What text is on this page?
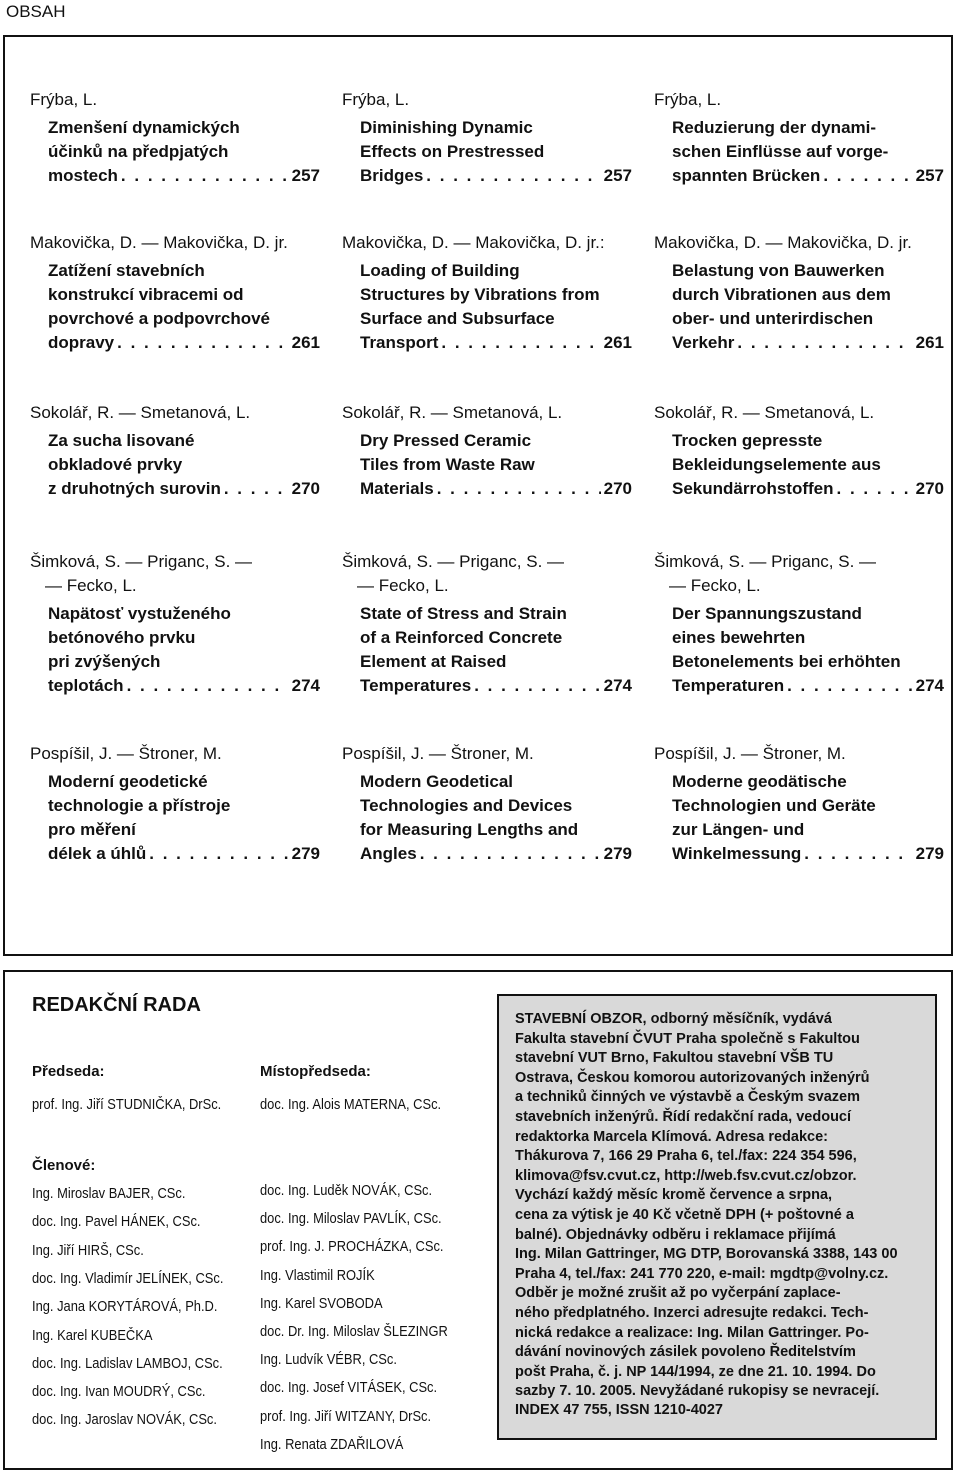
OBSAH
Frýba, L.
Zmenšení dynamických
účinků na předpjatých
mostech . . .	257
Frýba, L.
Diminishing Dynamic
Effects on Prestressed
Bridges . . .	257
Frýba, L.
Reduzierung der dynami-
schen Einflüsse auf vorge-
spannten Brücken . . .	257
Makovička, D. — Makovička, D. jr.
Zatížení stavebních
konstrukcí vibracemi od
povrchové a podpovrchové
dopravy . . .	261
Makovička, D. — Makovička, D. jr.:
Loading of Building
Structures by Vibrations from
Surface and Subsurface
Transport . . .	261
Makovička, D. — Makovička, D. jr.
Belastung von Bauwerken
durch Vibrationen aus dem
ober- und unterirdischen
Verkehr . . .	261
Sokolář, R. — Smetanová, L.
Za sucha lisované
obkladové prvky
z druhotných surovin . . .	270
Sokolář, R. — Smetanová, L.
Dry Pressed Ceramic
Tiles from Waste Raw
Materials . . .	270
Sokolář, R. — Smetanová, L.
Trocken gepresste
Bekleidungselemente aus
Sekundärrohstoffen . . .	270
Šimková, S. — Priganc, S. —
— Fecko, L.
Napätosť vystuženého
betónového prvku
pri zvýšených
teplotách . . .	274
Šimková, S. — Priganc, S. —
— Fecko, L.
State of Stress and Strain
of a Reinforced Concrete
Element at Raised
Temperatures . . .	274
Šimková, S. — Priganc, S. —
— Fecko, L.
Der Spannungszustand
eines bewehrten
Betonelements bei erhöhten
Temperaturen . . .	274
Pospíšil, J. — Štroner, M.
Moderní geodetické
technologie a přístroje
pro měření
délek a úhlů . . .	279
Pospíšil, J. — Štroner, M.
Modern Geodetical
Technologies and Devices
for Measuring Lengths and
Angles . . .	279
Pospíšil, J. — Štroner, M.
Moderne geodätische
Technologien und Geräte
zur Längen- und
Winkelmessung . . .	279
REDAKČNÍ RADA
Předseda:
prof. Ing. Jiří STUDNIČKA, DrSc.
Místopředseda:
doc. Ing. Alois MATERNA, CSc.
Členové:
Ing. Miroslav BAJER, CSc.
doc. Ing. Pavel HÁNEK, CSc.
Ing. Jiří HIRŠ, CSc.
doc. Ing. Vladimír JELÍNEK, CSc.
Ing. Jana KORYTÁROVÁ, Ph.D.
Ing. Karel KUBEČKA
doc. Ing. Ladislav LAMBOJ, CSc.
doc. Ing. Ivan MOUDRÝ, CSc.
doc. Ing. Jaroslav NOVÁK, CSc.
doc. Ing. Luděk NOVÁK, CSc.
doc. Ing. Miloslav PAVLÍK, CSc.
prof. Ing. J. PROCHÁZKA, CSc.
Ing. Vlastimil ROJÍK
Ing. Karel SVOBODA
doc. Dr. Ing. Miloslav ŠLEZINGR
Ing. Ludvík VÉBR, CSc.
doc. Ing. Josef VITÁSEK, CSc.
prof. Ing. Jiří WITZANY, DrSc.
Ing. Renata ZDAŘILOVÁ
STAVEBNÍ OBZOR, odborný měsíčník, vydává
Fakulta stavební ČVUT Praha společně s Fakultou
stavební VUT Brno, Fakultou stavební VŠB TU
Ostrava, Českou komorou autorizovaných inženýrů
a techniků činných ve výstavbě a Českým svazem
stavebních inženýrů. Řídí redakční rada, vedoucí
redaktorka Marcela Klímová. Adresa redakce:
Thákurova 7, 166 29 Praha 6, tel./fax: 224 354 596,
klimova@fsv.cvut.cz, http://web.fsv.cvut.cz/obzor.
Vychází každý měsíc kromě července a srpna,
cena za výtisk je 40 Kč včetně DPH (+ poštovné a
balné). Objednávky odběru i reklamace přijímá
Ing. Milan Gattringer, MG DTP, Borovanská 3388, 143 00
Praha 4, tel./fax: 241 770 220, e-mail: mgdtp@volny.cz.
Odběr je možné zrušit až po vyčerpání zaplace-
ného předplatného. Inzerci adresujte redakci. Tech-
nická redakce a realizace: Ing. Milan Gattringer. Po-
dávání novinových zásilek povoleno Ředitelstvím
pošt Praha, č. j. NP 144/1994, ze dne 21. 10. 1994. Do
sazby 7. 10. 2005. Nevyžádané rukopisy se nevracejí.
INDEX 47 755, ISSN 1210-4027
